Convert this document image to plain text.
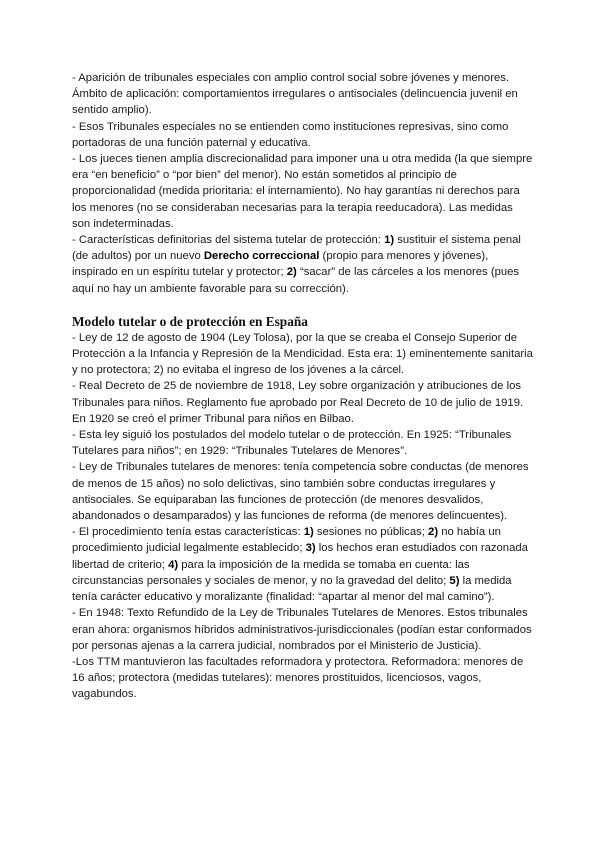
- Aparición de tribunales especiales con amplio control social sobre jóvenes y menores. Ámbito de aplicación: comportamientos irregulares o antisociales (delincuencia juvenil en sentido amplio).

- Esos Tribunales especiales no se entienden como instituciones represivas, sino como portadoras de una función paternal y educativa.

- Los jueces tienen amplia discrecionalidad para imponer una u otra medida (la que siempre era “en beneficio” o “por bien” del menor). No están sometidos al principio de proporcionalidad (medida prioritaria: el internamiento). No hay garantías ni derechos para los menores (no se consideraban necesarias para la terapia reeducadora). Las medidas son indeterminadas.

- Características definitorias del sistema tutelar de protección: 1) sustituir el sistema penal (de adultos) por un nuevo Derecho correccional (propio para menores y jóvenes), inspirado en un espíritu tutelar y protector; 2) “sacar” de las cárceles a los menores (pues aquí no hay un ambiente favorable para su corrección).

Modelo tutelar o de protección en España

- Ley de 12 de agosto de 1904 (Ley Tolosa), por la que se creaba el Consejo Superior de Protección a la Infancia y Represión de la Mendicidad. Esta era: 1) eminentemente sanitaria y no protectora; 2) no evitaba el ingreso de los jóvenes a la cárcel.

- Real Decreto de 25 de noviembre de 1918, Ley sobre organización y atribuciones de los Tribunales para niños. Reglamento fue aprobado por Real Decreto de 10 de julio de 1919. En 1920 se creó el primer Tribunal para niños en Bilbao.

- Esta ley siguió los postulados del modelo tutelar o de protección. En 1925: “Tribunales Tutelares para niños”; en 1929: “Tribunales Tutelares de Menores”.

- Ley de Tribunales tutelares de menores: tenía competencia sobre conductas (de menores de menos de 15 años) no solo delictivas, sino también sobre conductas irregulares y antisociales. Se equiparaban las funciones de protección (de menores desvalidos, abandonados o desamparados) y las funciones de reforma (de menores delincuentes).

- El procedimiento tenía estas características: 1) sesiones no públicas; 2) no había un procedimiento judicial legalmente establecido; 3) los hechos eran estudiados con razonada libertad de criterio; 4) para la imposición de la medida se tomaba en cuenta: las circunstancias personales y sociales de menor, y no la gravedad del delito; 5) la medida tenía carácter educativo y moralizante (finalidad: “apartar al menor del mal camino”).

- En 1948: Texto Refundido de la Ley de Tribunales Tutelares de Menores. Estos tribunales eran ahora: organismos híbridos administrativos-jurisdiccionales (podían estar conformados por personas ajenas a la carrera judicial, nombrados por el Ministerio de Justicia).

-Los TTM mantuvieron las facultades reformadora y protectora. Reformadora: menores de 16 años; protectora (medidas tutelares): menores prostituidos, licenciosos, vagos, vagabundos.
